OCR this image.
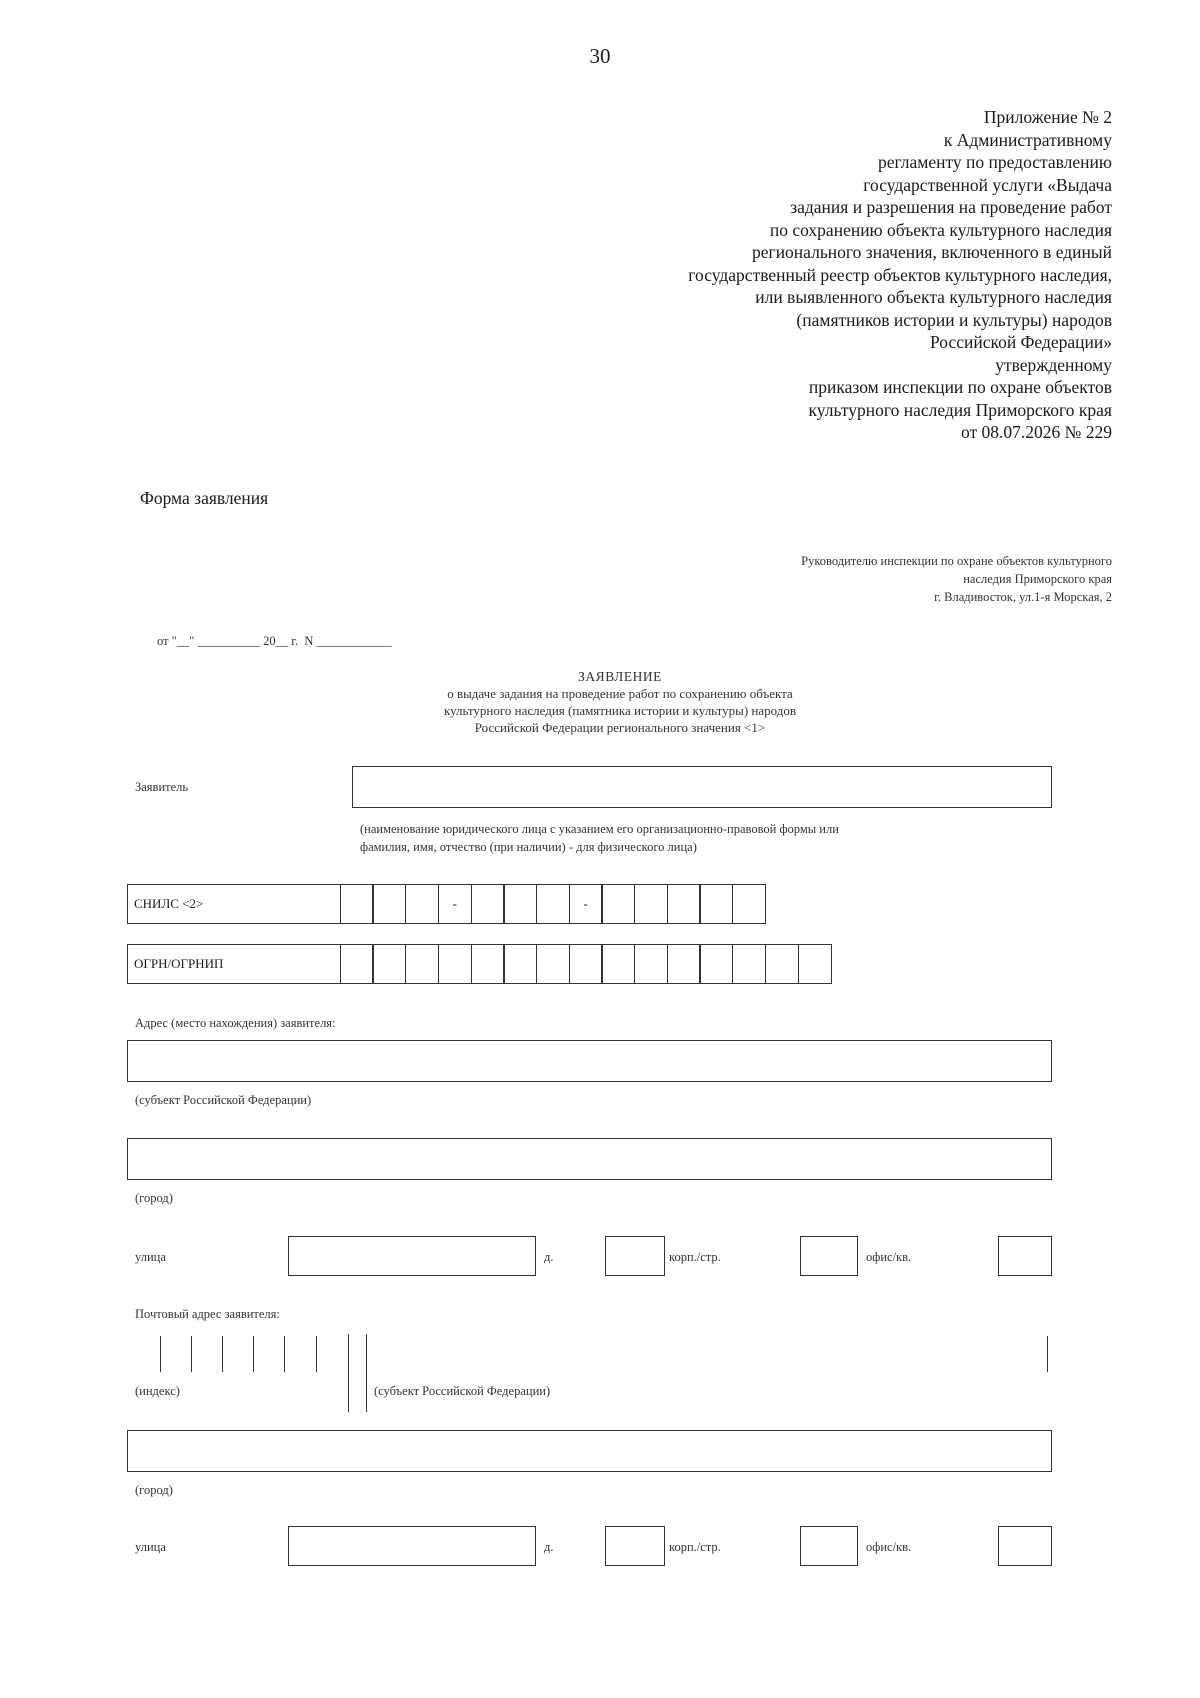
30
Приложение № 2
к Административному
регламенту по предоставлению
государственной услуги «Выдача
задания и разрешения на проведение работ
по сохранению объекта культурного наследия
регионального значения, включенного в единый
государственный реестр объектов культурного наследия,
или выявленного объекта культурного наследия
(памятников истории и культуры) народов
Российской Федерации»
утвержденному
приказом инспекции по охране объектов
культурного наследия Приморского края
от 08.07.2026 № 229
Форма заявления
Руководителю инспекции по охране объектов культурного
наследия Приморского края
г. Владивосток, ул.1-я Морская, 2
от "__" __________ 20__ г.  N ____________
ЗАЯВЛЕНИЕ
о выдаче задания на проведение работ по сохранению объекта
культурного наследия (памятника истории и культуры) народов
Российской Федерации регионального значения <1>
Заявитель
(наименование юридического лица с указанием его организационно-правовой формы или
фамилия, имя, отчество (при наличии) - для физического лица)
СНИЛС <2>	-	-
ОГРН/ОГРНИП
Адрес (место нахождения) заявителя:
(субъект Российской Федерации)
(город)
улица	д.	корп./стр.	офис/кв.
Почтовый адрес заявителя:
(индекс)	(субъект Российской Федерации)
(город)
улица	д.	корп./стр.	офис/кв.
